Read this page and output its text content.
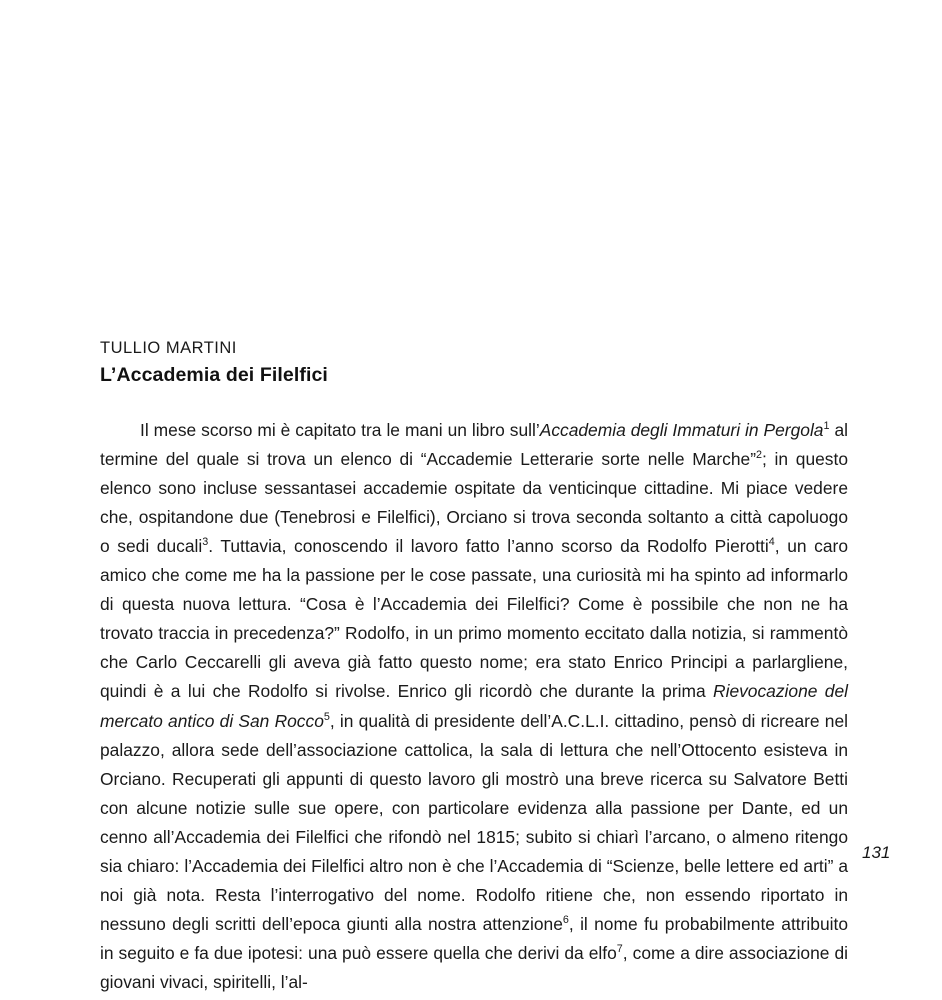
TULLIO MARTINI
L’Accademia dei Filelfici
Il mese scorso mi è capitato tra le mani un libro sull’Accademia degli Immaturi in Pergola$^1$ al termine del quale si trova un elenco di “Accademie Letterarie sorte nelle Marche”$^2$; in questo elenco sono incluse sessantasei accademie ospitate da venticinque cittadine. Mi piace vedere che, ospitandone due (Tenebrosi e Filelfici), Orciano si trova seconda soltanto a città capoluogo o sedi ducali$^3$. Tuttavia, conoscendo il lavoro fatto l’anno scorso da Rodolfo Pierotti$^4$, un caro amico che come me ha la passione per le cose passate, una curiosità mi ha spinto ad informarlo di questa nuova lettura. “Cosa è l’Accademia dei Filelfici? Come è possibile che non ne ha trovato traccia in precedenza?” Rodolfo, in un primo momento eccitato dalla notizia, si rammentò che Carlo Ceccarelli gli aveva già fatto questo nome; era stato Enrico Principi a parlargliene, quindi è a lui che Rodolfo si rivolse. Enrico gli ricordò che durante la prima Rievocazione del mercato antico di San Rocco$^5$, in qualità di presidente dell’A.C.L.I. cittadino, pensò di ricreare nel palazzo, allora sede dell’associazione cattolica, la sala di lettura che nell’Ottocento esisteva in Orciano. Recuperati gli appunti di questo lavoro gli mostrò una breve ricerca su Salvatore Betti con alcune notizie sulle sue opere, con particolare evidenza alla passione per Dante, ed un cenno all’Accademia dei Filelfici che rifondò nel 1815; subito si chiarì l’arcano, o almeno ritengo sia chiaro: l’Accademia dei Filelfici altro non è che l’Accademia di “Scienze, belle lettere ed arti” a noi già nota. Resta l’interrogativo del nome. Rodolfo ritiene che, non essendo riportato in nessuno degli scritti dell’epoca giunti alla nostra attenzione$^6$, il nome fu probabilmente attribuito in seguito e fa due ipotesi: una può essere quella che derivi da elfo$^7$, come a dire associazione di giovani vivaci, spiritelli, l’al-
131
